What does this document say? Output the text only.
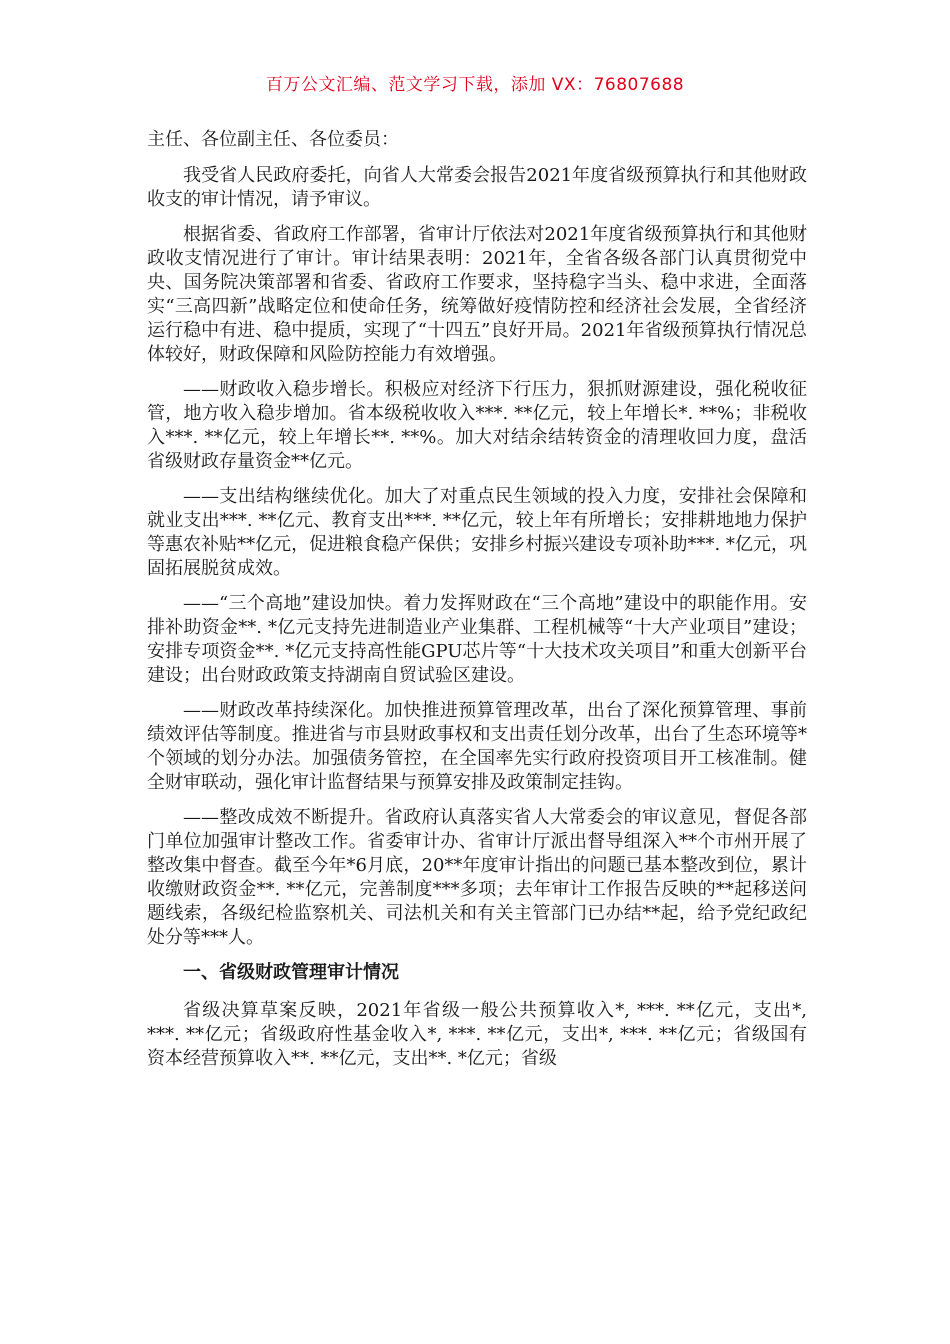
百万公文汇编、范文学习下载，添加 VX：76807688

主任、各位副主任、各位委员：

我受省人民政府委托，向省人大常委会报告2021年度省级预算执行和其他财政收支的审计情况，请予审议。

根据省委、省政府工作部署，省审计厅依法对2021年度省级预算执行和其他财政收支情况进行了审计。审计结果表明：2021年，全省各级各部门认真贯彻党中央、国务院决策部署和省委、省政府工作要求，坚持稳字当头、稳中求进，全面落实“三高四新”战略定位和使命任务，统筹做好疫情防控和经济社会发展，全省经济运行稳中有进、稳中提质，实现了“十四五”良好开局。2021年省级预算执行情况总体较好，财政保障和风险防控能力有效增强。

——财政收入稳步增长。积极应对经济下行压力，狠抓财源建设，强化税收征管，地方收入稳步增加。省本级税收收入***. **亿元，较上年增长*. **%；非税收入***. **亿元，较上年增长**. **%。加大对结余结转资金的清理收回力度，盘活省级财政存量资金**亿元。

——支出结构继续优化。加大了对重点民生领域的投入力度，安排社会保障和就业支出***. **亿元、教育支出***. **亿元，较上年有所增长；安排耕地地力保护等惠农补贴**亿元，促进粮食稳产保供；安排乡村振兴建设专项补助***. *亿元，巩固拓展脱贫成效。

——“三个高地”建设加快。着力发挥财政在“三个高地”建设中的职能作用。安排补助资金**. *亿元支持先进制造业产业集群、工程机械等“十大产业项目”建设；安排专项资金**. *亿元支持高性能GPU芯片等“十大技术攻关项目”和重大创新平台建设；出台财政政策支持湖南自贸试验区建设。

——财政改革持续深化。加快推进预算管理改革，出台了深化预算管理、事前绩效评估等制度。推进省与市县财政事权和支出责任划分改革，出台了生态环境等*个领域的划分办法。加强债务管控，在全国率先实行政府投资项目开工核准制。健全财审联动，强化审计监督结果与预算安排及政策制定挂钩。

——整改成效不断提升。省政府认真落实省人大常委会的审议意见，督促各部门单位加强审计整改工作。省委审计办、省审计厅派出督导组深入**个市州开展了整改集中督查。截至今年*6月底，20**年度审计指出的问题已基本整改到位，累计收缴财政资金**. **亿元，完善制度***多项；去年审计工作报告反映的**起移送问题线索，各级纪检监察机关、司法机关和有关主管部门已办结**起，给予党纪政纪处分等***人。

一、省级财政管理审计情况

省级决算草案反映，2021年省级一般公共预算收入*, ***. **亿元，支出*, ***. **亿元；省级政府性基金收入*, ***. **亿元，支出*, ***. **亿元；省级国有资本经营预算收入**. **亿元，支出**. *亿元；省级
